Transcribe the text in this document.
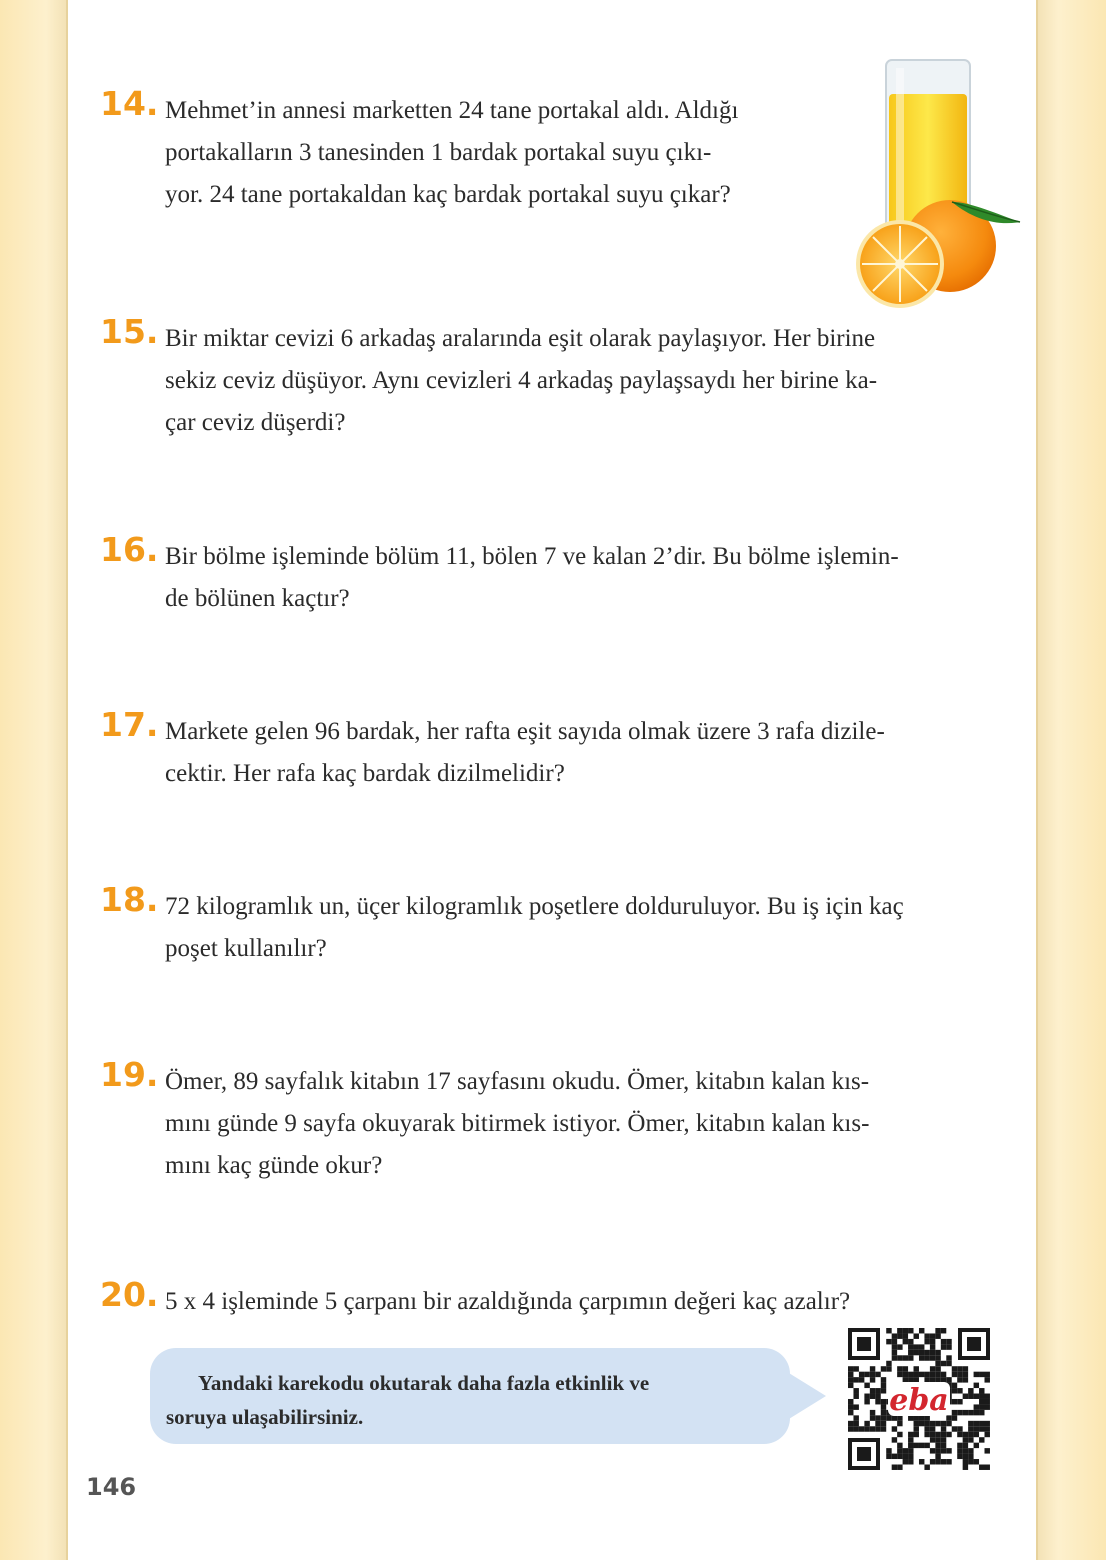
14. Mehmet’in annesi marketten 24 tane portakal aldı. Aldığı
portakalların 3 tanesinden 1 bardak portakal suyu çıkı-
yor. 24 tane portakaldan kaç bardak portakal suyu çıkar?
15. Bir miktar cevizi 6 arkadaş aralarında eşit olarak paylaşıyor. Her birine
sekiz ceviz düşüyor. Aynı cevizleri 4 arkadaş paylaşsaydı her birine ka-
çar ceviz düşerdi?
16. Bir bölme işleminde bölüm 11, bölen 7 ve kalan 2’dir. Bu bölme işlemin-
de bölünen kaçtır?
17. Markete gelen 96 bardak, her rafta eşit sayıda olmak üzere 3 rafa dizile-
cektir. Her rafa kaç bardak dizilmelidir?
18. 72 kilogramlık un, üçer kilogramlık poşetlere dolduruluyor. Bu iş için kaç
poşet kullanılır?
19. Ömer, 89 sayfalık kitabın 17 sayfasını okudu. Ömer, kitabın kalan kıs-
mını günde 9 sayfa okuyarak bitirmek istiyor. Ömer, kitabın kalan kıs-
mını kaç günde okur?
20. 5 x 4 işleminde 5 çarpanı bir azaldığında çarpımın değeri kaç azalır?
Yandaki karekodu okutarak daha fazla etkinlik ve
soruya ulaşabilirsiniz.	eba
146
